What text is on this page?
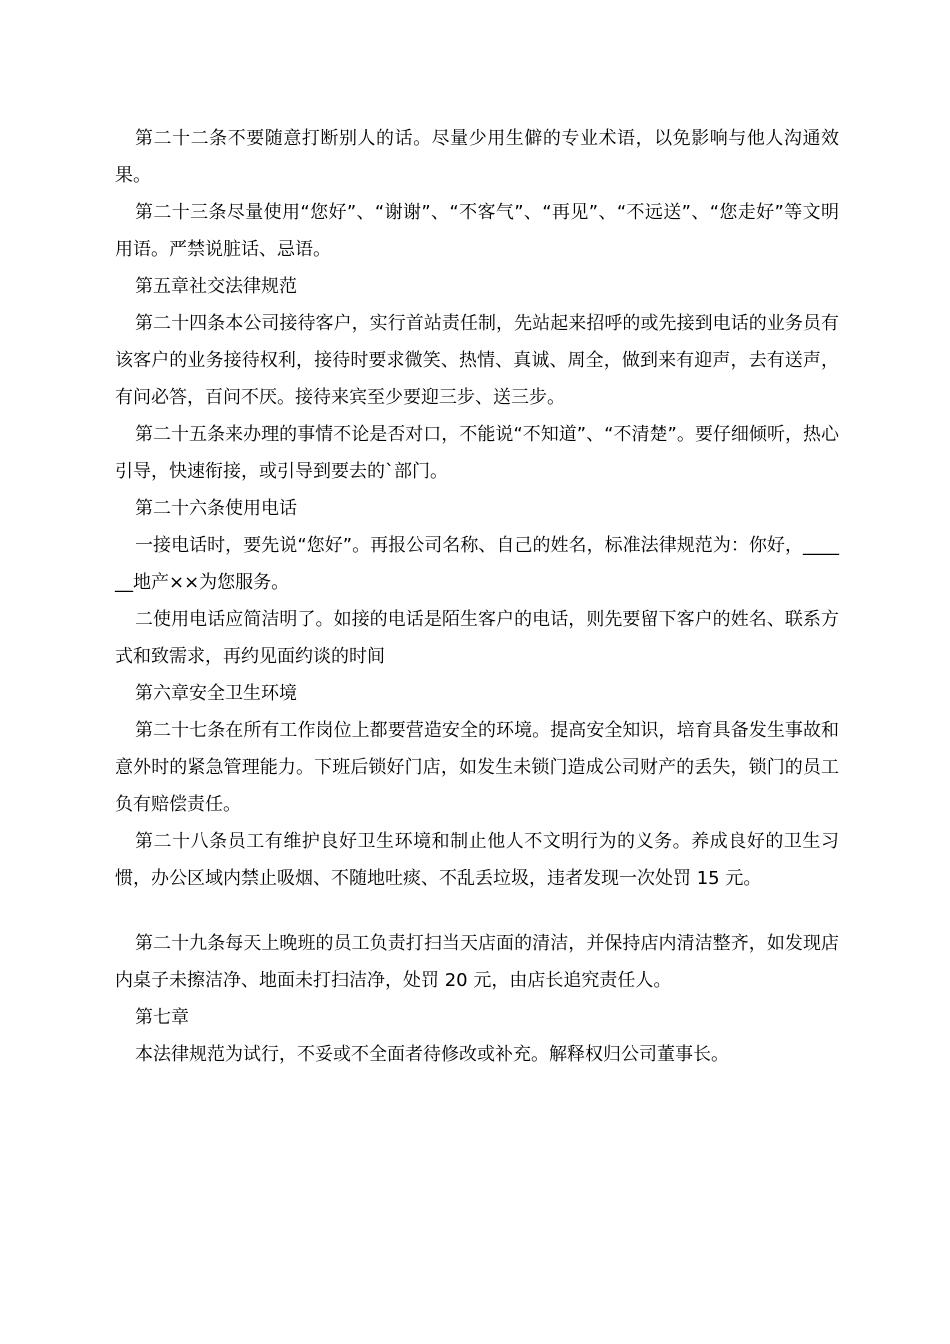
第二十二条不要随意打断别人的话。尽量少用生僻的专业术语，以免影响与他人沟通效果。

第二十三条尽量使用“您好”、“谢谢”、“不客气”、“再见”、“不远送”、“您走好”等文明用语。严禁说脏话、忌语。

第五章社交法律规范

第二十四条本公司接待客户，实行首站责任制，先站起来招呼的或先接到电话的业务员有该客户的业务接待权利，接待时要求微笑、热情、真诚、周全，做到来有迎声，去有送声，有问必答，百问不厌。接待来宾至少要迎三步、送三步。

第二十五条来办理的事情不论是否对口，不能说“不知道”、“不清楚”。要仔细倾听，热心引导，快速衔接，或引导到要去的`部门。

第二十六条使用电话

一接电话时，要先说“您好”。再报公司名称、自己的姓名，标准法律规范为：你好，______地产××为您服务。

二使用电话应简洁明了。如接的电话是陌生客户的电话，则先要留下客户的姓名、联系方式和致需求，再约见面约谈的时间

第六章安全卫生环境

第二十七条在所有工作岗位上都要营造安全的环境。提高安全知识，培育具备发生事故和意外时的紧急管理能力。下班后锁好门店，如发生未锁门造成公司财产的丢失，锁门的员工负有赔偿责任。

第二十八条员工有维护良好卫生环境和制止他人不文明行为的义务。养成良好的卫生习惯，办公区域内禁止吸烟、不随地吐痰、不乱丢垃圾，违者发现一次处罚 15 元。

第二十九条每天上晚班的员工负责打扫当天店面的清洁，并保持店内清洁整齐，如发现店内桌子未擦洁净、地面未打扫洁净，处罚 20 元，由店长追究责任人。

第七章

本法律规范为试行，不妥或不全面者待修改或补充。解释权归公司董事长。
